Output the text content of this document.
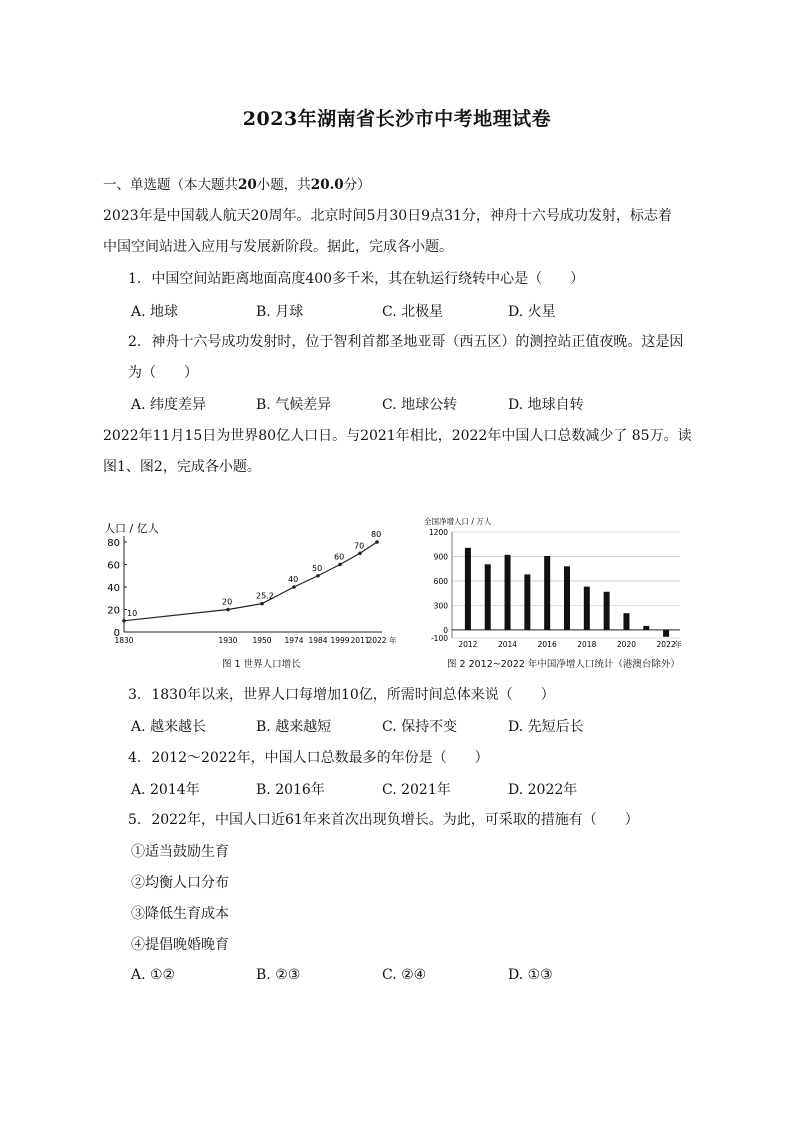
2023年湖南省长沙市中考地理试卷
一、单选题（本大题共20小题，共20.0分）
2023年是中国载人航天20周年。北京时间5月30日9点31分，神舟十六号成功发射，标志着
中国空间站进入应用与发展新阶段。据此，完成各小题。
1. 中国空间站距离地面高度400多千米，其在轨运行绕转中心是（　　）
A. 地球	B. 月球	C. 北极星	D. 火星
2. 神舟十六号成功发射时，位于智利首都圣地亚哥（西五区）的测控站正值夜晚。这是因
为（　　）
A. 纬度差异	B. 气候差异	C. 地球公转	D. 地球自转
2022年11月15日为世界80亿人口日。与2021年相比，2022年中国人口总数减少了 85万。读
图1、图2，完成各小题。
人口 / 亿人
0
20
40
60
80
10
20
25.2
40
50
60
70
80
1830	1930 1950 1974 1984 1999 2011
2022 年
图 1 世界人口增长
全国净增人口 / 万人
1200
900
600
300
0
-100
2012	2014	2016	2018	2020	2022
年
图 2 2012~2022 年中国净增人口统计（港澳台除外）
3. 1830年以来，世界人口每增加10亿，所需时间总体来说（　　）
A. 越来越长	B. 越来越短	C. 保持不变	D. 先短后长
4. 2012～2022年，中国人口总数最多的年份是（　　）
A. 2014年	B. 2016年	C. 2021年	D. 2022年
5. 2022年，中国人口近61年来首次出现负增长。为此，可采取的措施有（　　）
①适当鼓励生育
②均衡人口分布
③降低生育成本
④提倡晚婚晚育
A. ①②	B. ②③	C. ②④	D. ①③
